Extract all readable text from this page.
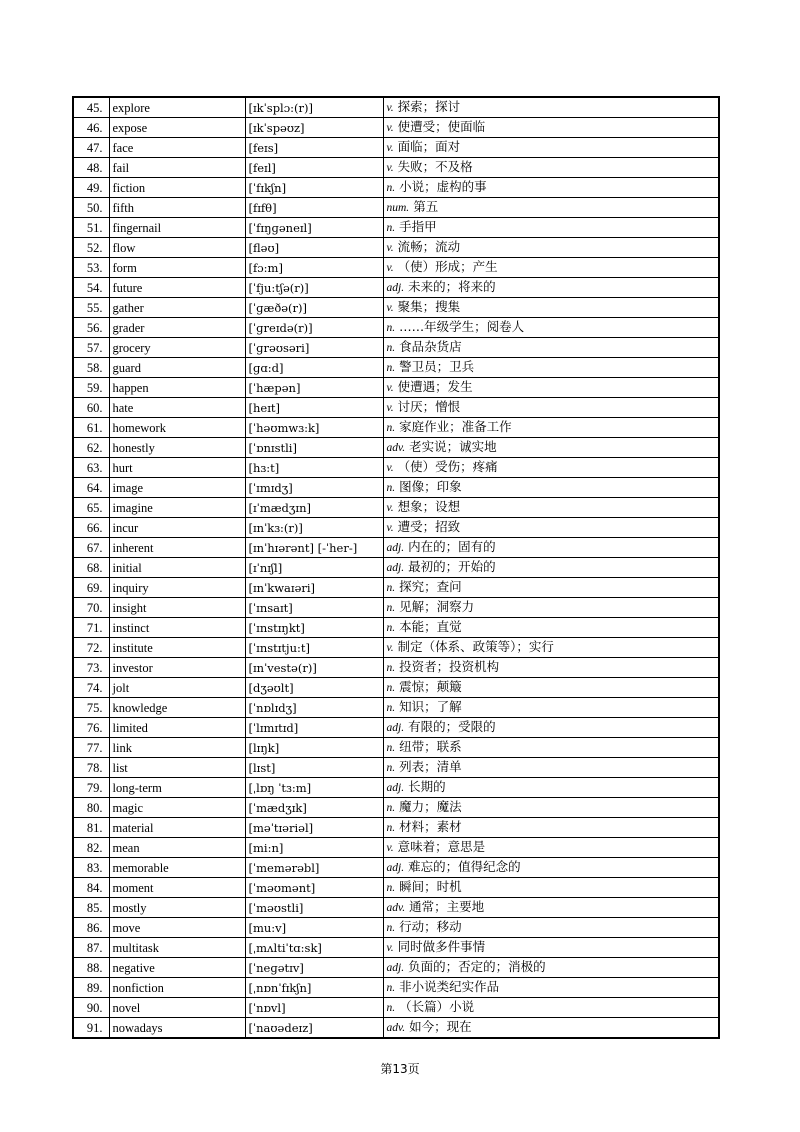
45.	explore	[ɪkˈsplɔ:(r)]	v. 探索；探讨
46.	expose	[ɪkˈspəʊz]	v. 使遭受；使面临
47.	face	[feɪs]	v. 面临；面对
48.	fail	[feɪl]	v. 失败；不及格
49.	fiction	[ˈfɪkʃn]	n. 小说；虚构的事
50.	fifth	[fɪfθ]	num. 第五
51.	fingernail	[ˈfɪŋɡəneɪl]	n. 手指甲
52.	flow	[fləʊ]	v. 流畅；流动
53.	form	[fɔ:m]	v. （使）形成；产生
54.	future	[ˈfju:tʃə(r)]	adj. 未来的；将来的
55.	gather	[ˈɡæðə(r)]	v. 聚集；搜集
56.	grader	[ˈɡreɪdə(r)]	n. ……年级学生；阅卷人
57.	grocery	[ˈɡrəʊsəri]	n. 食品杂货店
58.	guard	[ɡɑ:d]	n. 警卫员；卫兵
59.	happen	[ˈhæpən]	v. 使遭遇；发生
60.	hate	[heɪt]	v. 讨厌；憎恨
61.	homework	[ˈhəʊmwɜ:k]	n. 家庭作业；准备工作
62.	honestly	[ˈɒnɪstli]	adv. 老实说；诚实地
63.	hurt	[hɜ:t]	v. （使）受伤；疼痛
64.	image	[ˈɪmɪdʒ]	n. 图像；印象
65.	imagine	[ɪˈmædʒɪn]	v. 想象；设想
66.	incur	[ɪnˈkɜ:(r)]	v. 遭受；招致
67.	inherent	[ɪnˈhɪərənt] [-ˈher-]	adj. 内在的；固有的
68.	initial	[ɪˈnɪʃl]	adj. 最初的；开始的
69.	inquiry	[ɪnˈkwaɪəri]	n. 探究；查问
70.	insight	[ˈɪnsaɪt]	n. 见解；洞察力
71.	instinct	[ˈɪnstɪŋkt]	n. 本能；直觉
72.	institute	[ˈɪnstɪtju:t]	v. 制定（体系、政策等）；实行
73.	investor	[ɪnˈvestə(r)]	n. 投资者；投资机构
74.	jolt	[dʒəʊlt]	n. 震惊；颠簸
75.	knowledge	[ˈnɒlɪdʒ]	n. 知识；了解
76.	limited	[ˈlɪmɪtɪd]	adj. 有限的；受限的
77.	link	[lɪŋk]	n. 纽带；联系
78.	list	[lɪst]	n. 列表；清单
79.	long-term	[ˌlɒŋ ˈtɜ:m]	adj. 长期的
80.	magic	[ˈmædʒɪk]	n. 魔力；魔法
81.	material	[məˈtɪəriəl]	n. 材料；素材
82.	mean	[mi:n]	v. 意味着；意思是
83.	memorable	[ˈmemərəbl]	adj. 难忘的；值得纪念的
84.	moment	[ˈməʊmənt]	n. 瞬间；时机
85.	mostly	[ˈməʊstli]	adv. 通常；主要地
86.	move	[mu:v]	n. 行动；移动
87.	multitask	[ˌmʌltiˈtɑ:sk]	v. 同时做多件事情
88.	negative	[ˈneɡətɪv]	adj. 负面的；否定的；消极的
89.	nonfiction	[ˌnɒnˈfɪkʃn]	n. 非小说类纪实作品
90.	novel	[ˈnɒvl]	n. （长篇）小说
91.	nowadays	[ˈnaʊədeɪz]	adv. 如今；现在
第13页
